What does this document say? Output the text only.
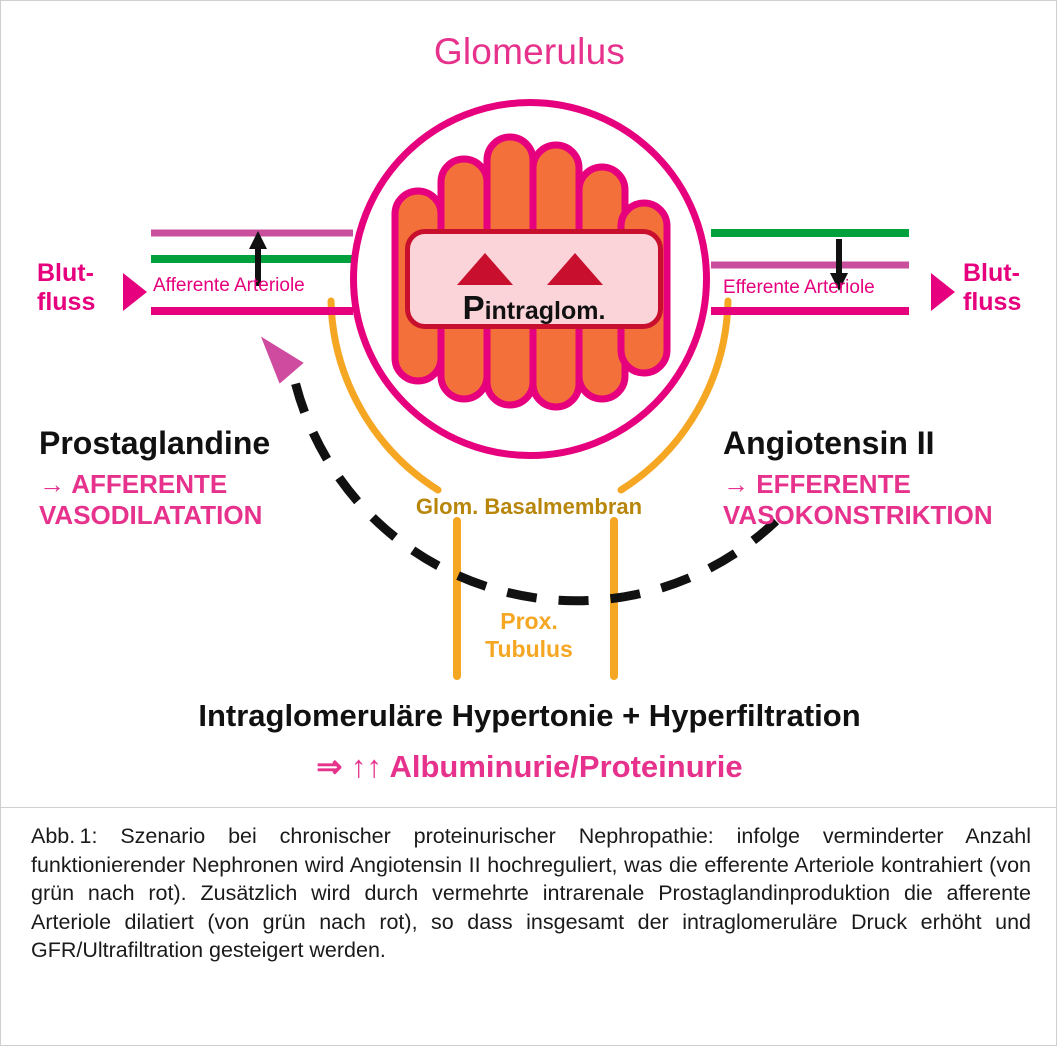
Pintraglom.
Glomerulus
Afferente Arteriole	Efferente Arteriole
Blut-
fluss
Blut-
fluss
Prostaglandine
→ AFFERENTE
VASODILATATION
Angiotensin II
→ EFFERENTE
VASOKONSTRIKTION
Glom. Basalmembran
Prox.
Tubulus
Intraglomeruläre Hypertonie + Hyperfiltration
⇒ ↑↑ Albuminurie/Proteinurie
Abb. 1: Szenario bei chronischer proteinurischer Nephropathie: infolge verminderter Anzahl funktionierender Nephronen wird Angiotensin II hochreguliert, was die efferente Arteriole kontrahiert (von grün nach rot). Zusätzlich wird durch vermehrte intrarenale Prostaglandinproduktion die afferente Arteriole dilatiert (von grün nach rot), so dass insgesamt der intraglomeruläre Druck erhöht und GFR/Ultrafiltration gesteigert werden.
